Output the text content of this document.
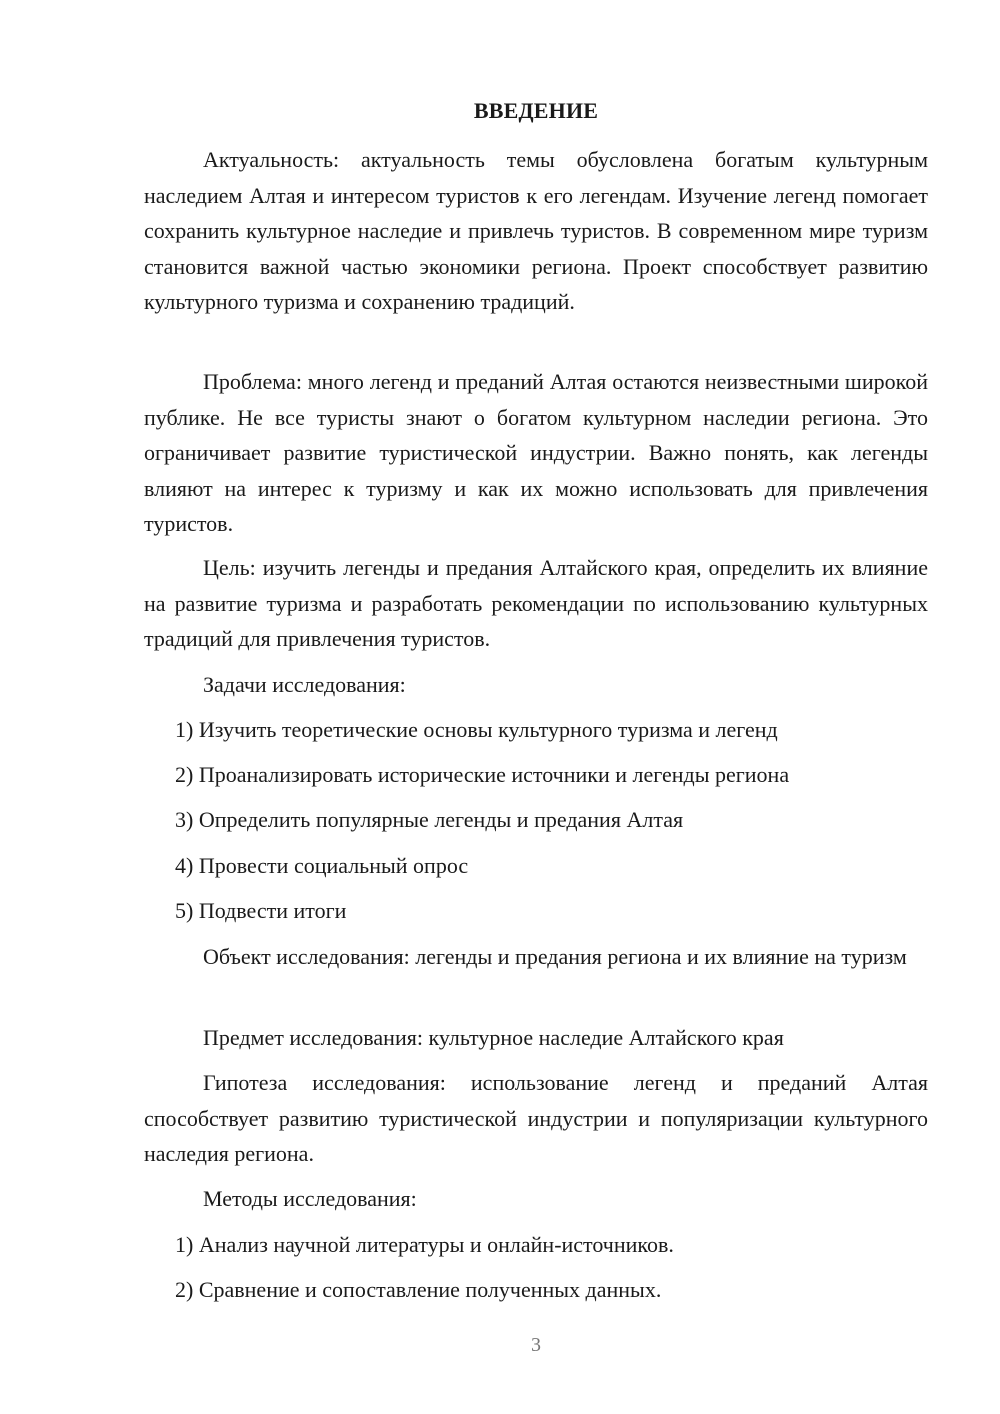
ВВЕДЕНИЕ

Актуальность: актуальность темы обусловлена богатым культурным наследием Алтая и интересом туристов к его легендам. Изучение легенд помогает сохранить культурное наследие и привлечь туристов. В современном мире туризм становится важной частью экономики региона. Проект способствует развитию культурного туризма и сохранению традиций.

Проблема: много легенд и преданий Алтая остаются неизвестными широкой публике. Не все туристы знают о богатом культурном наследии региона. Это ограничивает развитие туристической индустрии. Важно понять, как легенды влияют на интерес к туризму и как их можно использовать для привлечения туристов.

Цель: изучить легенды и предания Алтайского края, определить их влияние на развитие туризма и разработать рекомендации по использованию культурных традиций для привлечения туристов.

Задачи исследования:

1) Изучить теоретические основы культурного туризма и легенд

2) Проанализировать исторические источники и легенды региона

3) Определить популярные легенды и предания Алтая

4) Провести социальный опрос

5) Подвести итоги

Объект исследования: легенды и предания региона и их влияние на туризм

Предмет исследования: культурное наследие Алтайского края

Гипотеза исследования: использование легенд и преданий Алтая способствует развитию туристической индустрии и популяризации культурного наследия региона.

Методы исследования:

1) Анализ научной литературы и онлайн-источников.

2) Сравнение и сопоставление полученных данных.

3
